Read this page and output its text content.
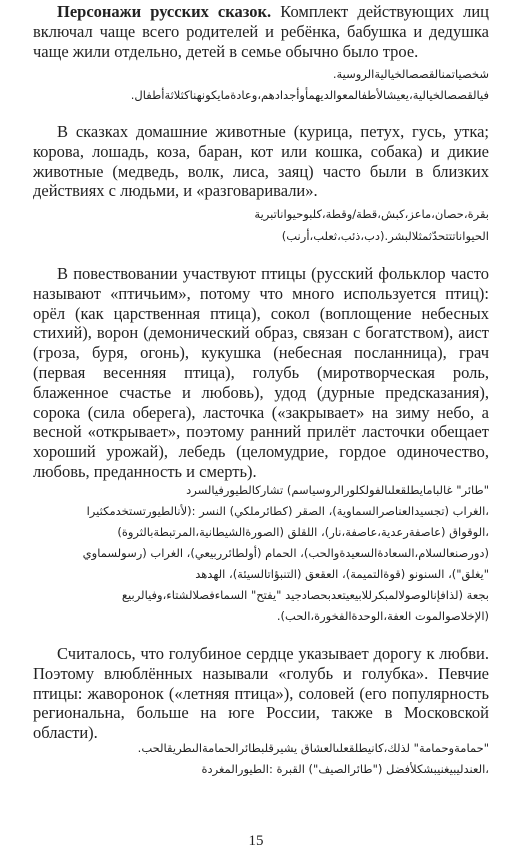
Персонажи русских сказок. Комплект действующих лиц включал чаще всего родителей и ребёнка, бабушка и дедушка чаще жили отдельно, детей в семье обычно было трое.

شخصياتمنالقصصالخياليةالروسية.
فيالقصصالخيالية،يعيشالأطفالمعوالديهمأوأجدادهم،وعادةمايكونهناكثلاثةأطفال.

В сказках домашние животные (курица, петух, гусь, утка; корова, лошадь, коза, баран, кот или кошка, собака) и дикие животные (медведь, волк, лиса, заяц) часто были в близких действиях с людьми, и «разговаривали».

بقرة،حصان،ماعز،كبش،قطة/وقطة،كلبوحيواناتبرية
الحيواناتتتحدّثمثلالبشر.(دب،ذئب،ثعلب،أرنب)

В повествовании участвуют птицы (русский фольклор часто называют «птичьим», потому что много используется птиц): орёл (как царственная птица), сокол (воплощение небесных стихий), ворон (демонический образ, связан с богатством), аист (гроза, буря, огонь), кукушка (небесная посланница), грач (первая весенняя птица), голубь (миротворческая роль, блаженное счастье и любовь), удод (дурные предсказания), сорока (сила оберега), ласточка («закрывает» на зиму небо, а весной «открывает», поэтому ранний прилёт ласточки обещает хороший урожай), лебедь (целомудрие, гордое одиночество, любовь, преданность и смерть).

"طائر" غالبامايطلقعلىالفولكلورالروسياسم) تشاركالطيورفيالسرد
،الغراب (تجسيدالعناصرالسماوية)، الصقر (كطائرملكي) النسر :(لأنالطيورتستخدمكثيرا
،الوقواق (عاصفةرعدية،عاصفة،نار)، اللقلق (الصورةالشيطانية،المرتبطةبالثروة)
(دورصنعالسلام،السعادةالسعيدةوالحب)، الحمام (أولطائرربيعي)، الغراب (رسولسماوي
"يغلق")، السنونو (قوةالتميمة)، العقعق (التنبؤاتالسيئة)، الهدهد
بجعة (لذافإنالوصولالمبكرللابيعيتعدبحصادجيد "يفتح" السماءفصلالشتاء،وفيالربيع
(الإخلاصوالموت العفة،الوحدةالفخورة،الحب).

Считалось, что голубиное сердце указывает дорогу к любви. Поэтому влюблённых называли «голубь и голубка». Певчие птицы: жаворонок («летняя птица»), соловей (его популярность региональна, больше на юге России, также в Московской области).

"حمامةوحمامة" لذلك،كانيطلقعلىالعشاق يشيرقلبطائرالحمامةالىطريقالحب.
،العندليبيغنيبشكلأفضل ("طائرالصيف") القبرة :الطيورالمغردة
15
